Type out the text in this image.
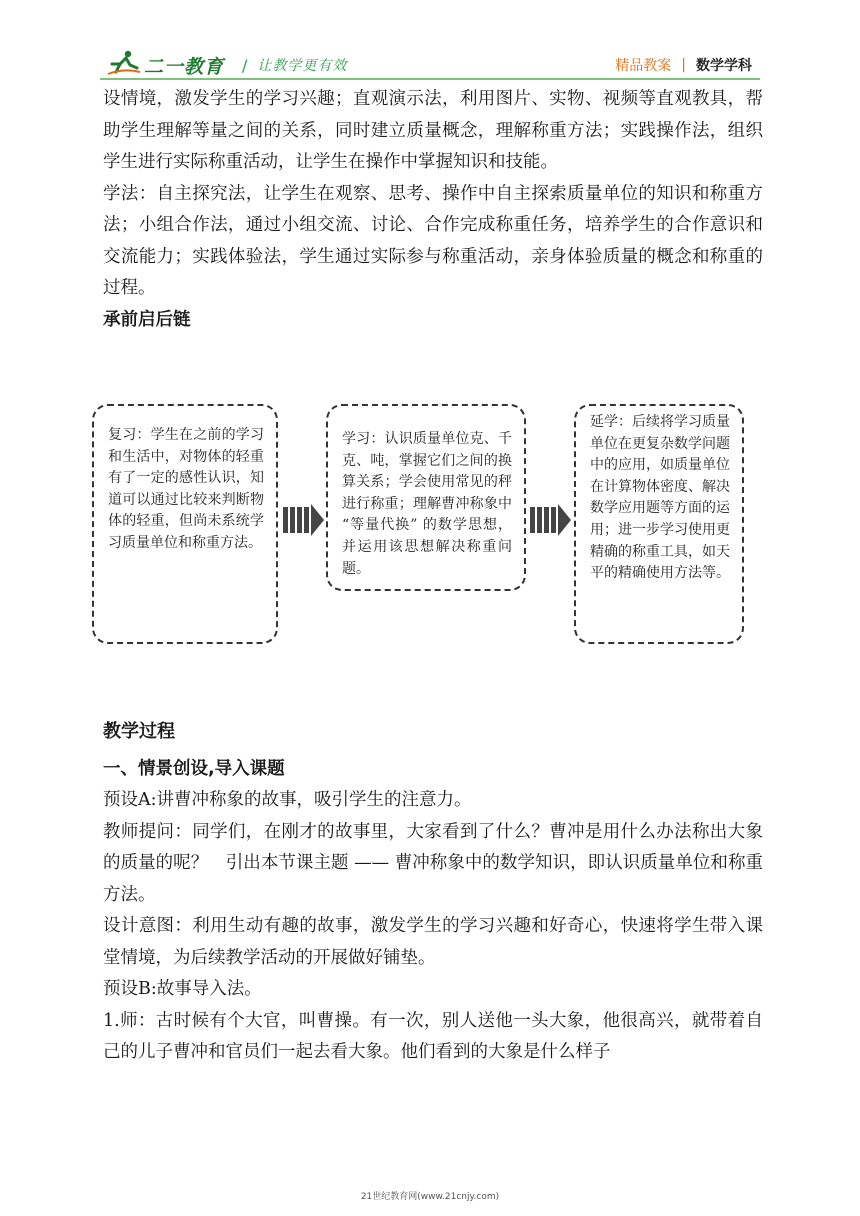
二一教育 / 让教学更有效	精品教案 | 数学学科

设情境，激发学生的学习兴趣；直观演示法，利用图片、实物、视频等直观教具，帮助学生理解等量之间的关系，同时建立质量概念，理解称重方法；实践操作法，组织学生进行实际称重活动，让学生在操作中掌握知识和技能。

学法：自主探究法，让学生在观察、思考、操作中自主探索质量单位的知识和称重方法；小组合作法，通过小组交流、讨论、合作完成称重任务，培养学生的合作意识和交流能力；实践体验法，学生通过实际参与称重活动，亲身体验质量的概念和称重的过程。

承前启后链

复习：学生在之前的学习和生活中，对物体的轻重有了一定的感性认识，知道可以通过比较来判断物体的轻重，但尚未系统学习质量单位和称重方法。
学习：认识质量单位克、千克、吨，掌握它们之间的换算关系；学会使用常见的秤进行称重；理解曹冲称象中 “等量代换” 的数学思想，并运用该思想解决称重问题。
延学：后续将学习质量单位在更复杂数学问题中的应用，如质量单位在计算物体密度、解决数学应用题等方面的运用；进一步学习使用更精确的称重工具，如天平的精确使用方法等。

教学过程

一、情景创设,导入课题

预设A:讲曹冲称象的故事，吸引学生的注意力。

教师提问：同学们，在刚才的故事里，大家看到了什么？曹冲是用什么办法称出大象的质量的呢？　引出本节课主题 —— 曹冲称象中的数学知识，即认识质量单位和称重方法。

设计意图：利用生动有趣的故事，激发学生的学习兴趣和好奇心，快速将学生带入课堂情境，为后续教学活动的开展做好铺垫。

预设B:故事导入法。

1.师：古时候有个大官，叫曹操。有一次，别人送他一头大象，他很高兴，就带着自己的儿子曹冲和官员们一起去看大象。他们看到的大象是什么样子

21世纪教育网(www.21cnjy.com)
